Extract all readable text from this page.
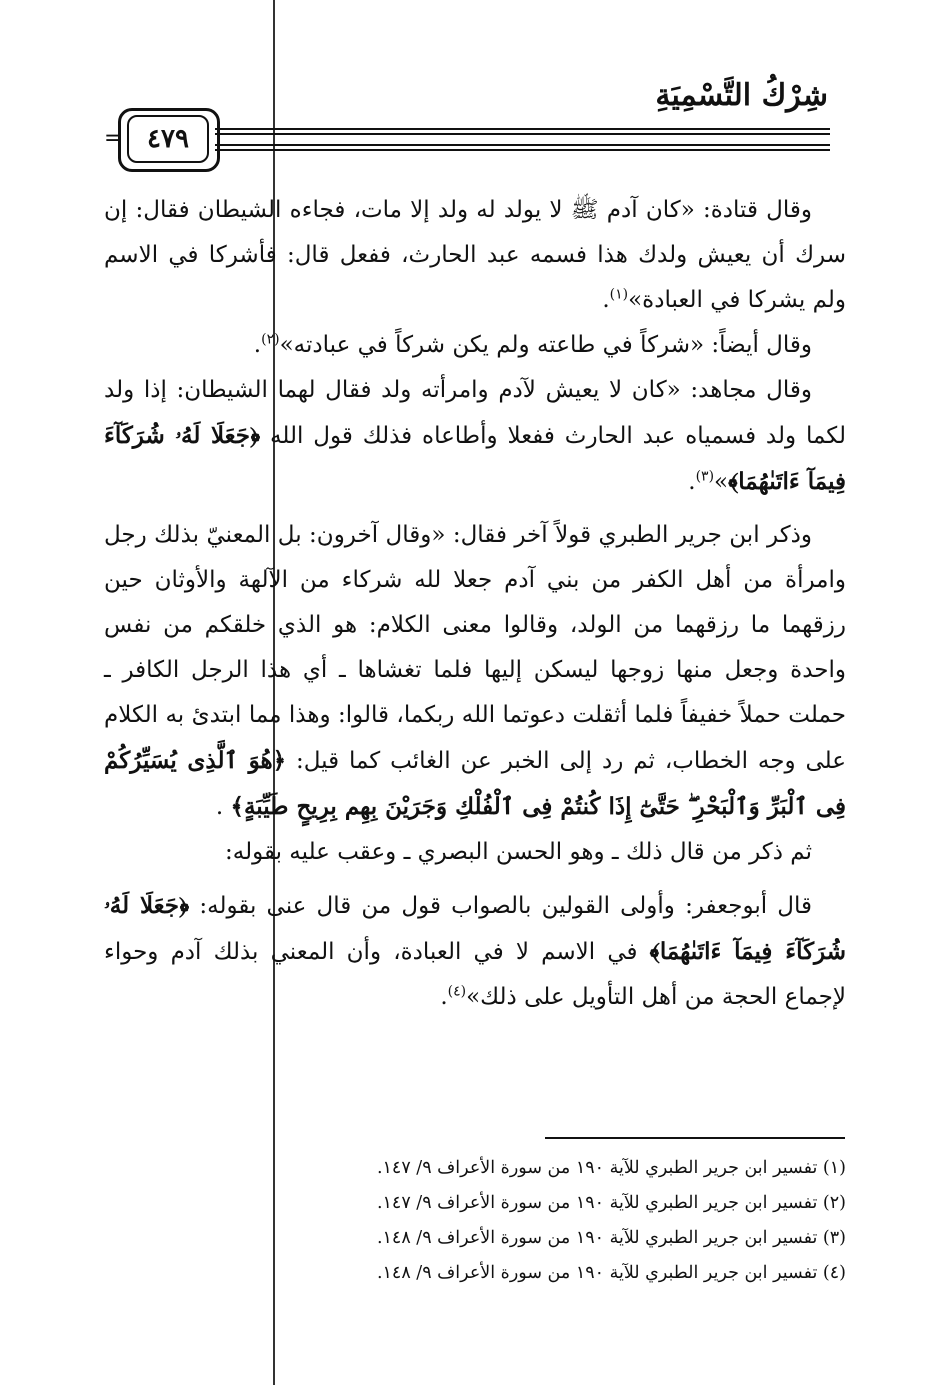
شِرْكُ التَّسْمِيَةِ
= ٤٧٩

وقال قتادة: «كان آدم ﷺ لا يولد له ولد إلا مات، فجاءه الشيطان فقال: إن سرك أن يعيش ولدك هذا فسمه عبد الحارث، ففعل قال: فأشركا في الاسم ولم يشركا في العبادة»$^{(١)}$.

وقال أيضاً: «شركاً في طاعته ولم يكن شركاً في عبادته»$^{(٢)}$.

وقال مجاهد: «كان لا يعيش لآدم وامرأته ولد فقال لهما الشيطان: إذا ولد لكما ولد فسمياه عبد الحارث ففعلا وأطاعاه فذلك قول الله ﴿جَعَلَا لَهُۥ شُرَكَآءَ فِيمَآ ءَاتَىٰهُمَا﴾»$^{(٣)}$.

وذكر ابن جرير الطبري قولاً آخر فقال: «وقال آخرون: بل المعنيّ بذلك رجل وامرأة من أهل الكفر من بني آدم جعلا لله شركاء من الآلهة والأوثان حين رزقهما ما رزقهما من الولد، وقالوا معنى الكلام: هو الذي خلقكم من نفس واحدة وجعل منها زوجها ليسكن إليها فلما تغشاها ـ أي هذا الرجل الكافر ـ حملت حملاً خفيفاً فلما أثقلت دعوتما الله ربكما، قالوا: وهذا مما ابتدئ به الكلام على وجه الخطاب، ثم رد إلى الخبر عن الغائب كما قيل: ﴿هُوَ ٱلَّذِى يُسَيِّرُكُمْ فِى ٱلْبَرِّ وَٱلْبَحْرِ ۖ حَتَّىٰٓ إِذَا كُنتُمْ فِى ٱلْفُلْكِ وَجَرَيْنَ بِهِم بِرِيحٍ طَيِّبَةٍ﴾ .

ثم ذكر من قال ذلك ـ وهو الحسن البصري ـ وعقب عليه بقوله:

قال أبوجعفر: وأولى القولين بالصواب قول من قال عنى بقوله: ﴿جَعَلَا لَهُۥ شُرَكَآءَ فِيمَآ ءَاتَىٰهُمَا﴾ في الاسم لا في العبادة، وأن المعني بذلك آدم وحواء لإجماع الحجة من أهل التأويل على ذلك»$^{(٤)}$.

(١) تفسير ابن جرير الطبري للآية ١٩٠ من سورة الأعراف ٩/ ١٤٧.
(٢) تفسير ابن جرير الطبري للآية ١٩٠ من سورة الأعراف ٩/ ١٤٧.
(٣) تفسير ابن جرير الطبري للآية ١٩٠ من سورة الأعراف ٩/ ١٤٨.
(٤) تفسير ابن جرير الطبري للآية ١٩٠ من سورة الأعراف ٩/ ١٤٨.
